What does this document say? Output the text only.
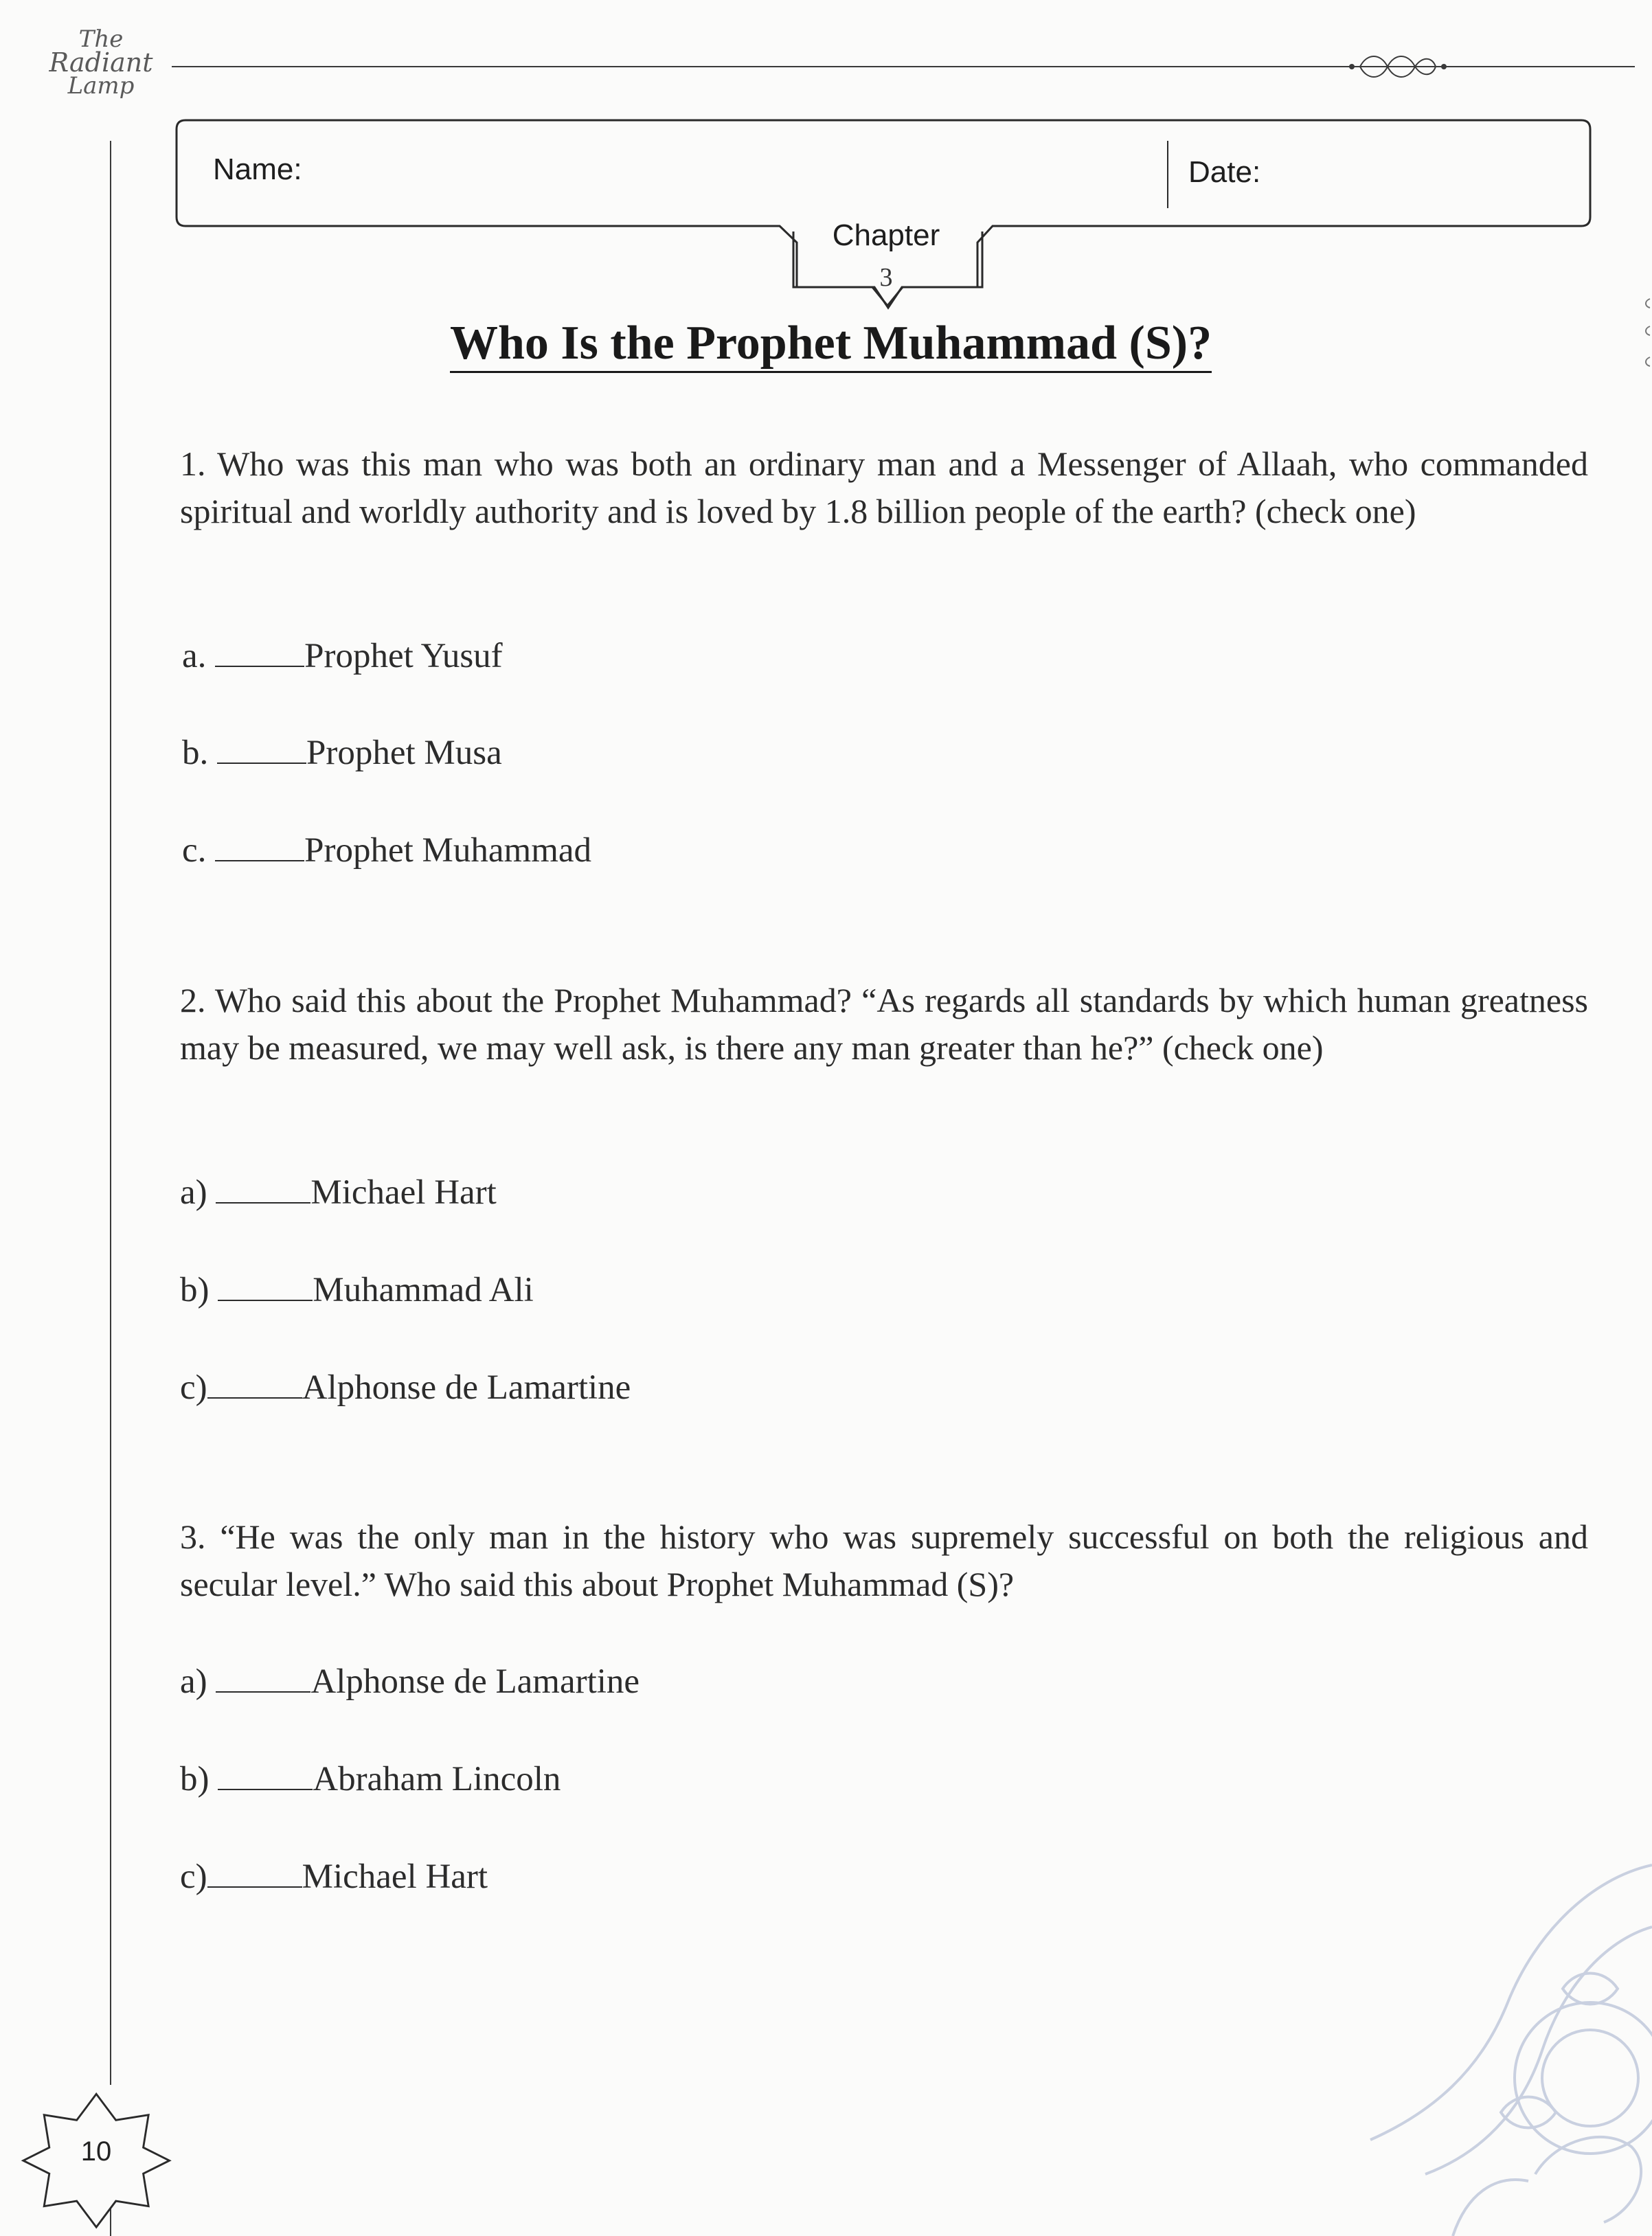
The
Radiant
Lamp
Name:	Date:
Chapter
3
Who Is the Prophet Muhammad (S)?
1. Who was this man who was both an ordinary man and a Messenger of Allaah, who commanded spiritual and worldly authority and is loved by 1.8 billion people of the earth? (check one)
a.	Prophet Yusuf
b.	Prophet Musa
c.	Prophet Muhammad
2. Who said this about the Prophet Muhammad? “As regards all standards by which human greatness may be measured, we may well ask, is there any man greater than he?” (check one)
a)	Michael Hart
b)	Muhammad Ali
c)	Alphonse de Lamartine
3. “He was the only man in the history who was supremely successful on both the religious and secular level.” Who said this about Prophet Muhammad (S)?
a)	Alphonse de Lamartine
b)	Abraham Lincoln
c)	Michael Hart
10
